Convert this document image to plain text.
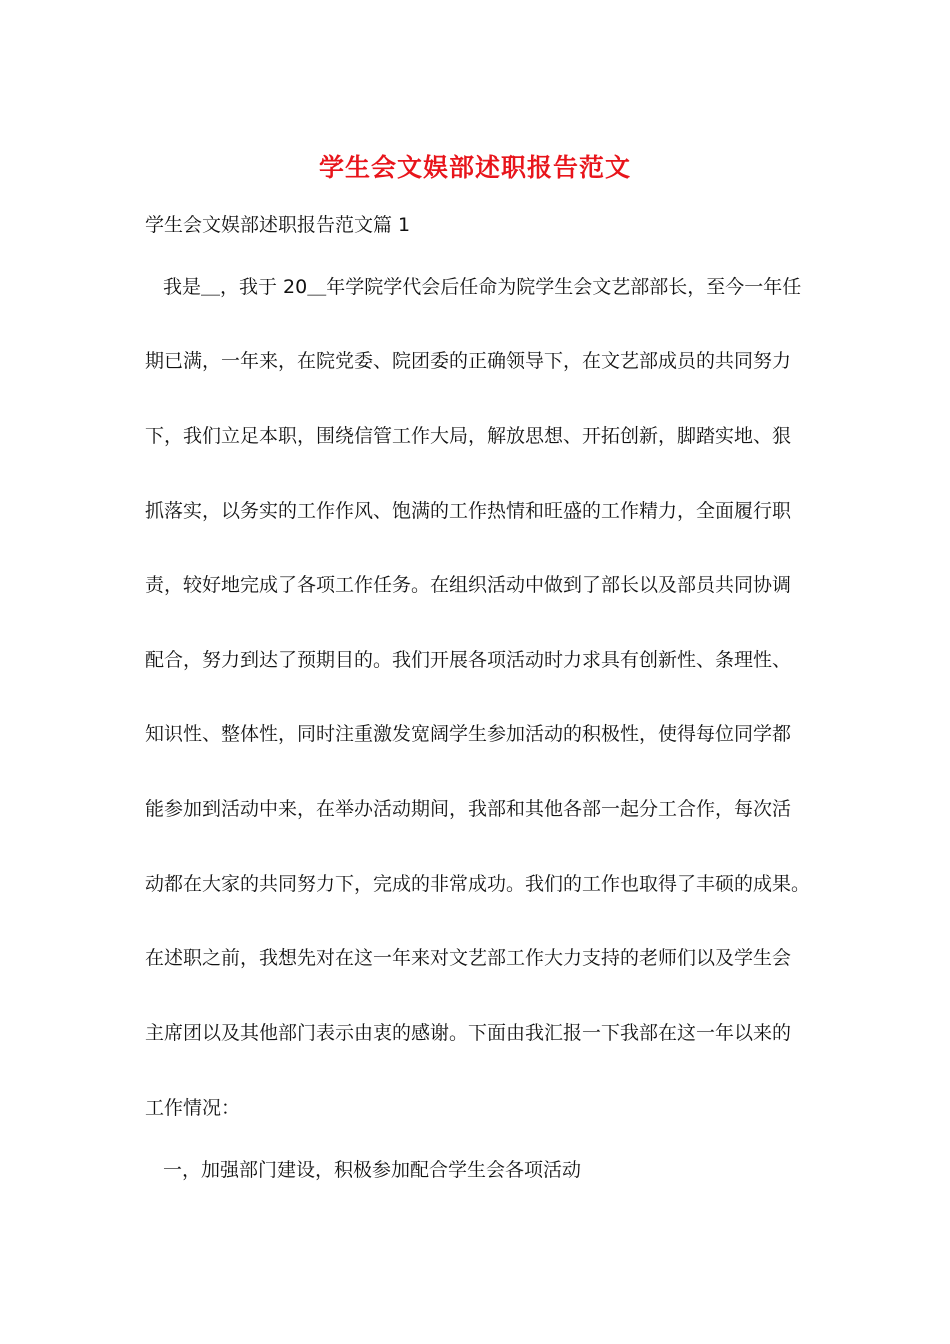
学生会文娱部述职报告范文
学生会文娱部述职报告范文篇 1
我是＿，我于 20＿年学院学代会后任命为院学生会文艺部部长，至今一年任
期已满，一年来，在院党委、院团委的正确领导下，在文艺部成员的共同努力
下，我们立足本职，围绕信管工作大局，解放思想、开拓创新，脚踏实地、狠
抓落实，以务实的工作作风、饱满的工作热情和旺盛的工作精力，全面履行职
责，较好地完成了各项工作任务。在组织活动中做到了部长以及部员共同协调
配合，努力到达了预期目的。我们开展各项活动时力求具有创新性、条理性、
知识性、整体性，同时注重激发宽阔学生参加活动的积极性，使得每位同学都
能参加到活动中来，在举办活动期间，我部和其他各部一起分工合作，每次活
动都在大家的共同努力下，完成的非常成功。我们的工作也取得了丰硕的成果。
在述职之前，我想先对在这一年来对文艺部工作大力支持的老师们以及学生会
主席团以及其他部门表示由衷的感谢。下面由我汇报一下我部在这一年以来的
工作情况：
一，加强部门建设，积极参加配合学生会各项活动
